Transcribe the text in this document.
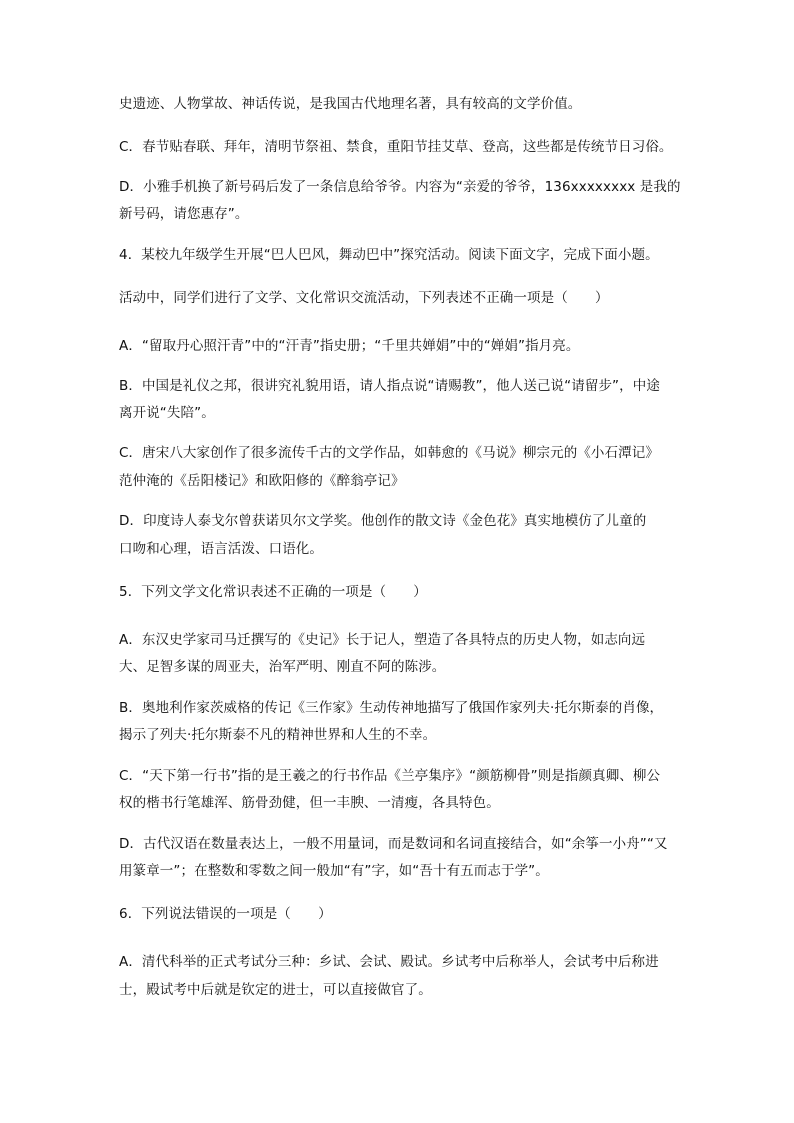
史遗迹、人物掌故、神话传说，是我国古代地理名著，具有较高的文学价值。
C．春节贴春联、拜年，清明节祭祖、禁食，重阳节挂艾草、登高，这些都是传统节日习俗。
D．小雅手机换了新号码后发了一条信息给爷爷。内容为“亲爱的爷爷，136xxxxxxxx 是我的
新号码，请您惠存”。
4．某校九年级学生开展“巴人巴风，舞动巴中”探究活动。阅读下面文字，完成下面小题。
活动中，同学们进行了文学、文化常识交流活动，下列表述不正确一项是（　　）
A．“留取丹心照汗青”中的“汗青”指史册；“千里共婵娟”中的“婵娟”指月亮。
B．中国是礼仪之邦，很讲究礼貌用语，请人指点说“请赐教”，他人送己说“请留步”，中途
离开说“失陪”。
C．唐宋八大家创作了很多流传千古的文学作品，如韩愈的《马说》柳宗元的《小石潭记》
范仲淹的《岳阳楼记》和欧阳修的《醉翁亭记》
D．印度诗人泰戈尔曾获诺贝尔文学奖。他创作的散文诗《金色花》真实地模仿了儿童的
口吻和心理，语言活泼、口语化。
5．下列文学文化常识表述不正确的一项是（　　）
A．东汉史学家司马迁撰写的《史记》长于记人，塑造了各具特点的历史人物，如志向远
大、足智多谋的周亚夫，治军严明、刚直不阿的陈涉。
B．奥地利作家茨威格的传记《三作家》生动传神地描写了俄国作家列夫·托尔斯泰的肖像，
揭示了列夫·托尔斯泰不凡的精神世界和人生的不幸。
C．“天下第一行书”指的是王羲之的行书作品《兰亭集序》“颜筋柳骨”则是指颜真卿、柳公
权的楷书行笔雄浑、筋骨劲健，但一丰腴、一清瘦，各具特色。
D．古代汉语在数量表达上，一般不用量词，而是数词和名词直接结合，如“余筝一小舟”“又
用篆章一”；在整数和零数之间一般加“有”字，如“吾十有五而志于学”。
6．下列说法错误的一项是（　　）
A．清代科举的正式考试分三种：乡试、会试、殿试。乡试考中后称举人，会试考中后称进
士，殿试考中后就是钦定的进士，可以直接做官了。
